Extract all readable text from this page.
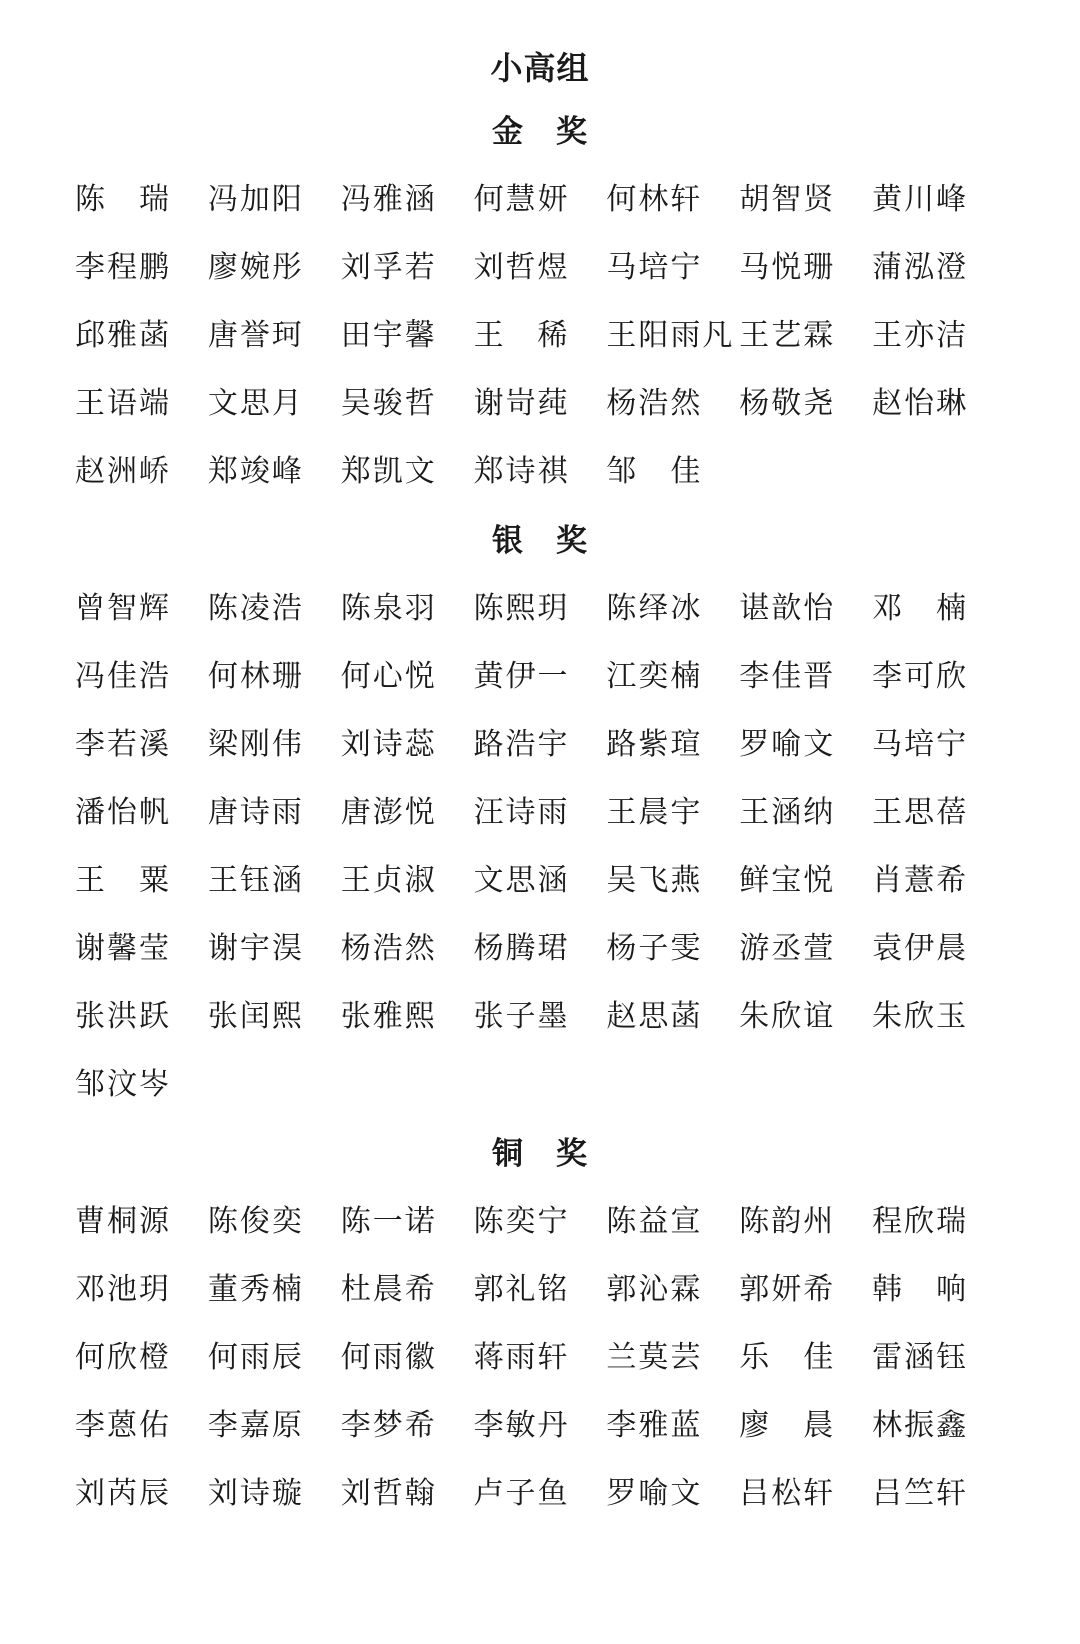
小高组
金　奖
陈　瑞	冯加阳	冯雅涵	何慧妍	何林轩	胡智贤	黄川峰
李程鹏	廖婉彤	刘孚若	刘哲煜	马培宁	马悦珊	蒲泓澄
邱雅菡	唐誉珂	田宇馨	王　稀	王阳雨凡 王艺霖	王亦洁
王语端	文思月	吴骏哲	谢岢莼	杨浩然	杨敬尧	赵怡琳
赵洲峤	郑竣峰	郑凯文	郑诗祺	邹　佳
银　奖
曾智辉	陈凌浩	陈泉羽	陈熙玥	陈绎冰	谌歆怡	邓　楠
冯佳浩	何林珊	何心悦	黄伊一	江奕楠	李佳晋	李可欣
李若溪	梁刚伟	刘诗蕊	路浩宇	路紫瑄	罗喻文	马培宁
潘怡帆	唐诗雨	唐澎悦	汪诗雨	王晨宇	王涵纳	王思蓓
王　粟	王钰涵	王贞淑	文思涵	吴飞燕	鲜宝悦	肖薏希
谢馨莹	谢宇淏	杨浩然	杨腾珺	杨子雯	游丞萱	袁伊晨
张洪跃	张闰熙	张雅熙	张子墨	赵思菡	朱欣谊	朱欣玉
邹汶岑
铜　奖
曹桐源	陈俊奕	陈一诺	陈奕宁	陈益宣	陈韵州	程欣瑞
邓池玥	董秀楠	杜晨希	郭礼铭	郭沁霖	郭妍希	韩　响
何欣橙	何雨辰	何雨徽	蒋雨轩	兰莫芸	乐　佳	雷涵钰
李蒽佑	李嘉原	李梦希	李敏丹	李雅蓝	廖　晨	林振鑫
刘芮辰	刘诗璇	刘哲翰	卢子鱼	罗喻文	吕松轩	吕竺轩
